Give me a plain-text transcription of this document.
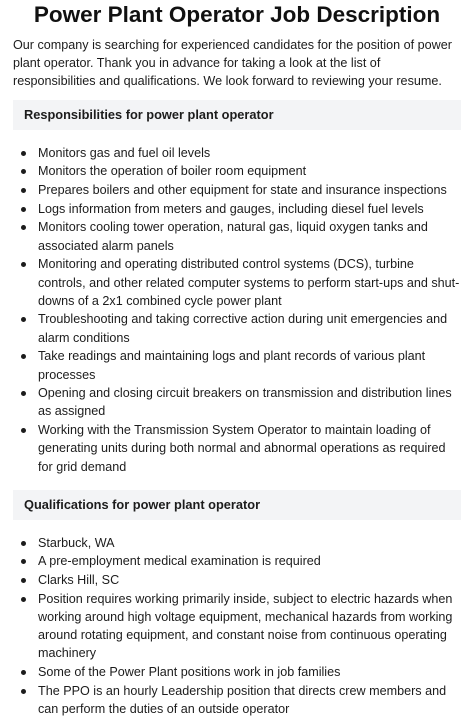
Power Plant Operator Job Description

Our company is searching for experienced candidates for the position of power plant operator. Thank you in advance for taking a look at the list of responsibilities and qualifications. We look forward to reviewing your resume.

Responsibilities for power plant operator
Monitors gas and fuel oil levels
Monitors the operation of boiler room equipment
Prepares boilers and other equipment for state and insurance inspections
Logs information from meters and gauges, including diesel fuel levels
Monitors cooling tower operation, natural gas, liquid oxygen tanks and associated alarm panels
Monitoring and operating distributed control systems (DCS), turbine controls, and other related computer systems to perform start-ups and shut-downs of a 2x1 combined cycle power plant
Troubleshooting and taking corrective action during unit emergencies and alarm conditions
Take readings and maintaining logs and plant records of various plant processes
Opening and closing circuit breakers on transmission and distribution lines as assigned
Working with the Transmission System Operator to maintain loading of generating units during both normal and abnormal operations as required for grid demand
Qualifications for power plant operator
Starbuck, WA
A pre-employment medical examination is required
Clarks Hill, SC
Position requires working primarily inside, subject to electric hazards when working around high voltage equipment, mechanical hazards from working around rotating equipment, and constant noise from continuous operating machinery
Some of the Power Plant positions work in job families
The PPO is an hourly Leadership position that directs crew members and can perform the duties of an outside operator
